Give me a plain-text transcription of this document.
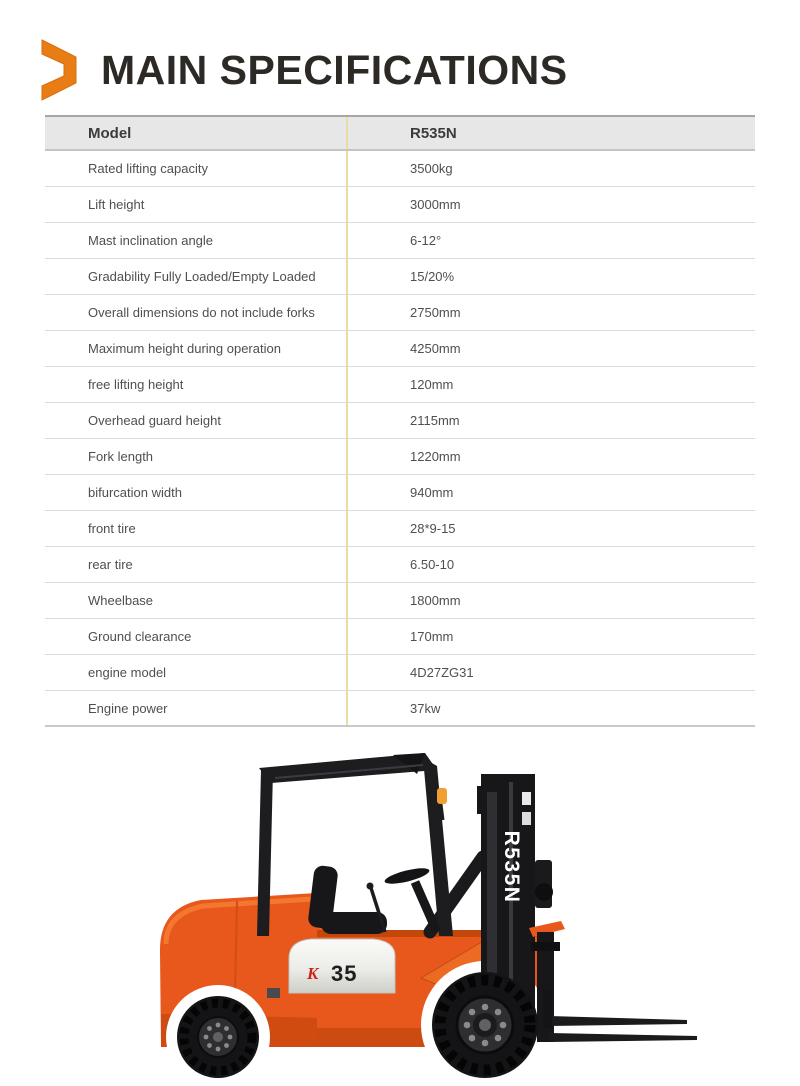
MAIN SPECIFICATIONS
Model	R535N
Rated lifting capacity	3500kg
Lift height	3000mm
Mast inclination angle	6-12°
Gradability Fully Loaded/Empty Loaded	15/20%
Overall dimensions do not include forks	2750mm
Maximum height during operation	4250mm
free lifting height	120mm
Overhead guard height	2115mm
Fork length	1220mm
bifurcation width	940mm
front tire	28*9-15
rear tire	6.50-10
Wheelbase	1800mm
Ground clearance	170mm
engine model	4D27ZG31
Engine power	37kw
R535N
K 35
